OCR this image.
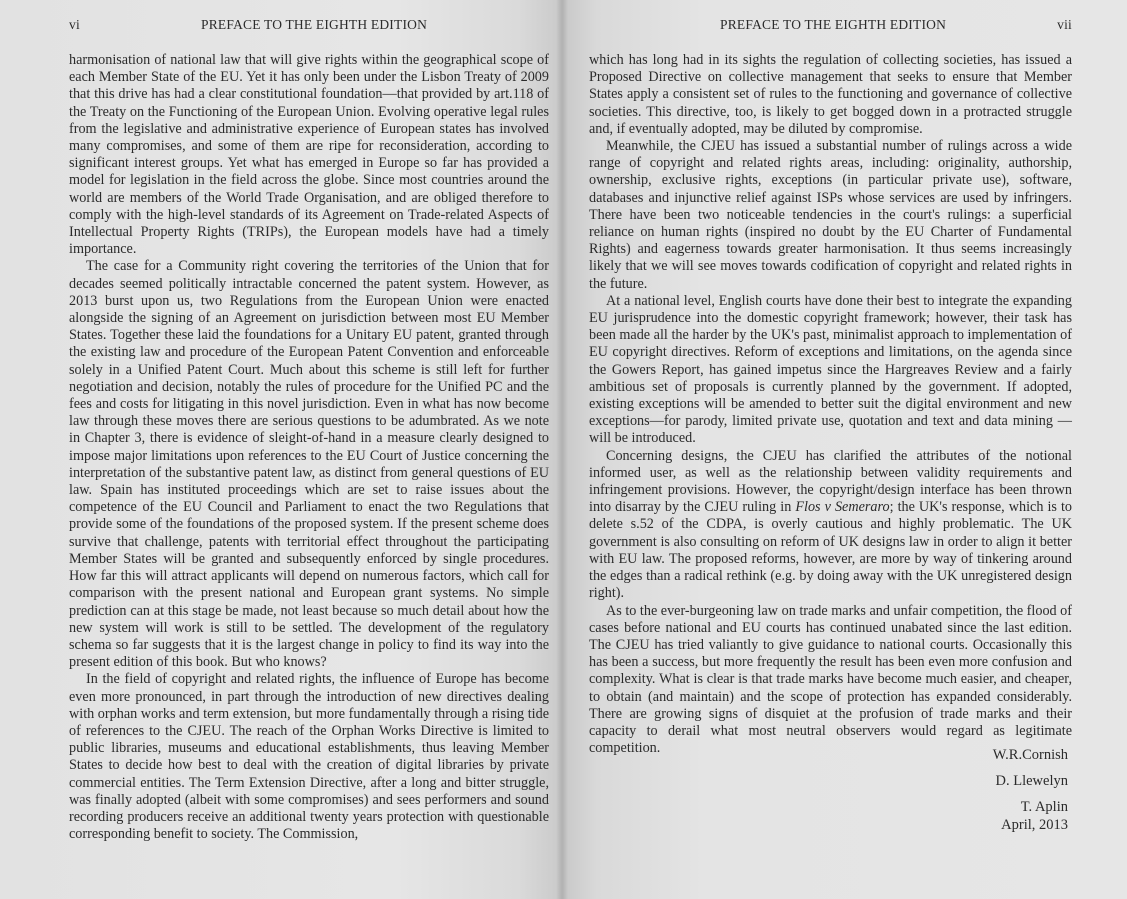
vi	PREFACE TO THE EIGHTH EDITION

harmonisation of national law that will give rights within the geographical scope of each Member State of the EU. Yet it has only been under the Lisbon Treaty of 2009 that this drive has had a clear constitutional foundation—that provided by art.118 of the Treaty on the Functioning of the European Union. Evolving operative legal rules from the legislative and administrative experience of European states has involved many compromises, and some of them are ripe for reconsideration, according to significant interest groups. Yet what has emerged in Europe so far has provided a model for legislation in the field across the globe. Since most countries around the world are members of the World Trade Organisation, and are obliged therefore to comply with the high-level standards of its Agreement on Trade-related Aspects of Intellectual Property Rights (TRIPs), the European models have had a timely importance.

The case for a Community right covering the territories of the Union that for decades seemed politically intractable concerned the patent system. However, as 2013 burst upon us, two Regulations from the European Union were enacted alongside the signing of an Agreement on jurisdiction between most EU Member States. Together these laid the foundations for a Unitary EU patent, granted through the existing law and procedure of the European Patent Convention and enforceable solely in a Unified Patent Court. Much about this scheme is still left for further negotiation and decision, notably the rules of procedure for the Unified PC and the fees and costs for litigating in this novel jurisdiction. Even in what has now become law through these moves there are serious questions to be adumbrated. As we note in Chapter 3, there is evidence of sleight-of-hand in a measure clearly designed to impose major limitations upon references to the EU Court of Justice concerning the interpretation of the substantive patent law, as distinct from general questions of EU law. Spain has instituted proceedings which are set to raise issues about the competence of the EU Council and Parliament to enact the two Regulations that provide some of the foundations of the proposed system. If the present scheme does survive that challenge, patents with territorial effect throughout the participating Member States will be granted and subsequently enforced by single procedures. How far this will attract applicants will depend on numerous factors, which call for comparison with the present national and European grant systems. No simple prediction can at this stage be made, not least because so much detail about how the new system will work is still to be settled. The development of the regulatory schema so far suggests that it is the largest change in policy to find its way into the present edition of this book. But who knows?

In the field of copyright and related rights, the influence of Europe has become even more pronounced, in part through the introduction of new directives dealing with orphan works and term extension, but more fundamentally through a rising tide of references to the CJEU. The reach of the Orphan Works Directive is limited to public libraries, museums and educational establishments, thus leaving Member States to decide how best to deal with the creation of digital libraries by private commercial entities. The Term Extension Directive, after a long and bitter struggle, was finally adopted (albeit with some compromises) and sees performers and sound recording producers receive an additional twenty years protection with questionable corresponding benefit to society. The Commission,

PREFACE TO THE EIGHTH EDITION	vii

which has long had in its sights the regulation of collecting societies, has issued a Proposed Directive on collective management that seeks to ensure that Member States apply a consistent set of rules to the functioning and governance of collective societies. This directive, too, is likely to get bogged down in a protracted struggle and, if eventually adopted, may be diluted by compromise.

Meanwhile, the CJEU has issued a substantial number of rulings across a wide range of copyright and related rights areas, including: originality, authorship, ownership, exclusive rights, exceptions (in particular private use), software, databases and injunctive relief against ISPs whose services are used by infringers. There have been two noticeable tendencies in the court's rulings: a superficial reliance on human rights (inspired no doubt by the EU Charter of Fundamental Rights) and eagerness towards greater harmonisation. It thus seems increasingly likely that we will see moves towards codification of copyright and related rights in the future.

At a national level, English courts have done their best to integrate the expanding EU jurisprudence into the domestic copyright framework; however, their task has been made all the harder by the UK's past, minimalist approach to implementation of EU copyright directives. Reform of exceptions and limitations, on the agenda since the Gowers Report, has gained impetus since the Hargreaves Review and a fairly ambitious set of proposals is currently planned by the government. If adopted, existing exceptions will be amended to better suit the digital environment and new exceptions—for parody, limited private use, quotation and text and data mining —will be introduced.

Concerning designs, the CJEU has clarified the attributes of the notional informed user, as well as the relationship between validity requirements and infringement provisions. However, the copyright/design interface has been thrown into disarray by the CJEU ruling in Flos v Semeraro; the UK's response, which is to delete s.52 of the CDPA, is overly cautious and highly problematic. The UK government is also consulting on reform of UK designs law in order to align it better with EU law. The proposed reforms, however, are more by way of tinkering around the edges than a radical rethink (e.g. by doing away with the UK unregistered design right).

As to the ever-burgeoning law on trade marks and unfair competition, the flood of cases before national and EU courts has continued unabated since the last edition. The CJEU has tried valiantly to give guidance to national courts. Occasionally this has been a success, but more frequently the result has been even more confusion and complexity. What is clear is that trade marks have become much easier, and cheaper, to obtain (and maintain) and the scope of protection has expanded considerably. There are growing signs of disquiet at the profusion of trade marks and their capacity to derail what most neutral observers would regard as legitimate competition.	W.R.Cornish
D. Llewelyn
T. Aplin
April, 2013
